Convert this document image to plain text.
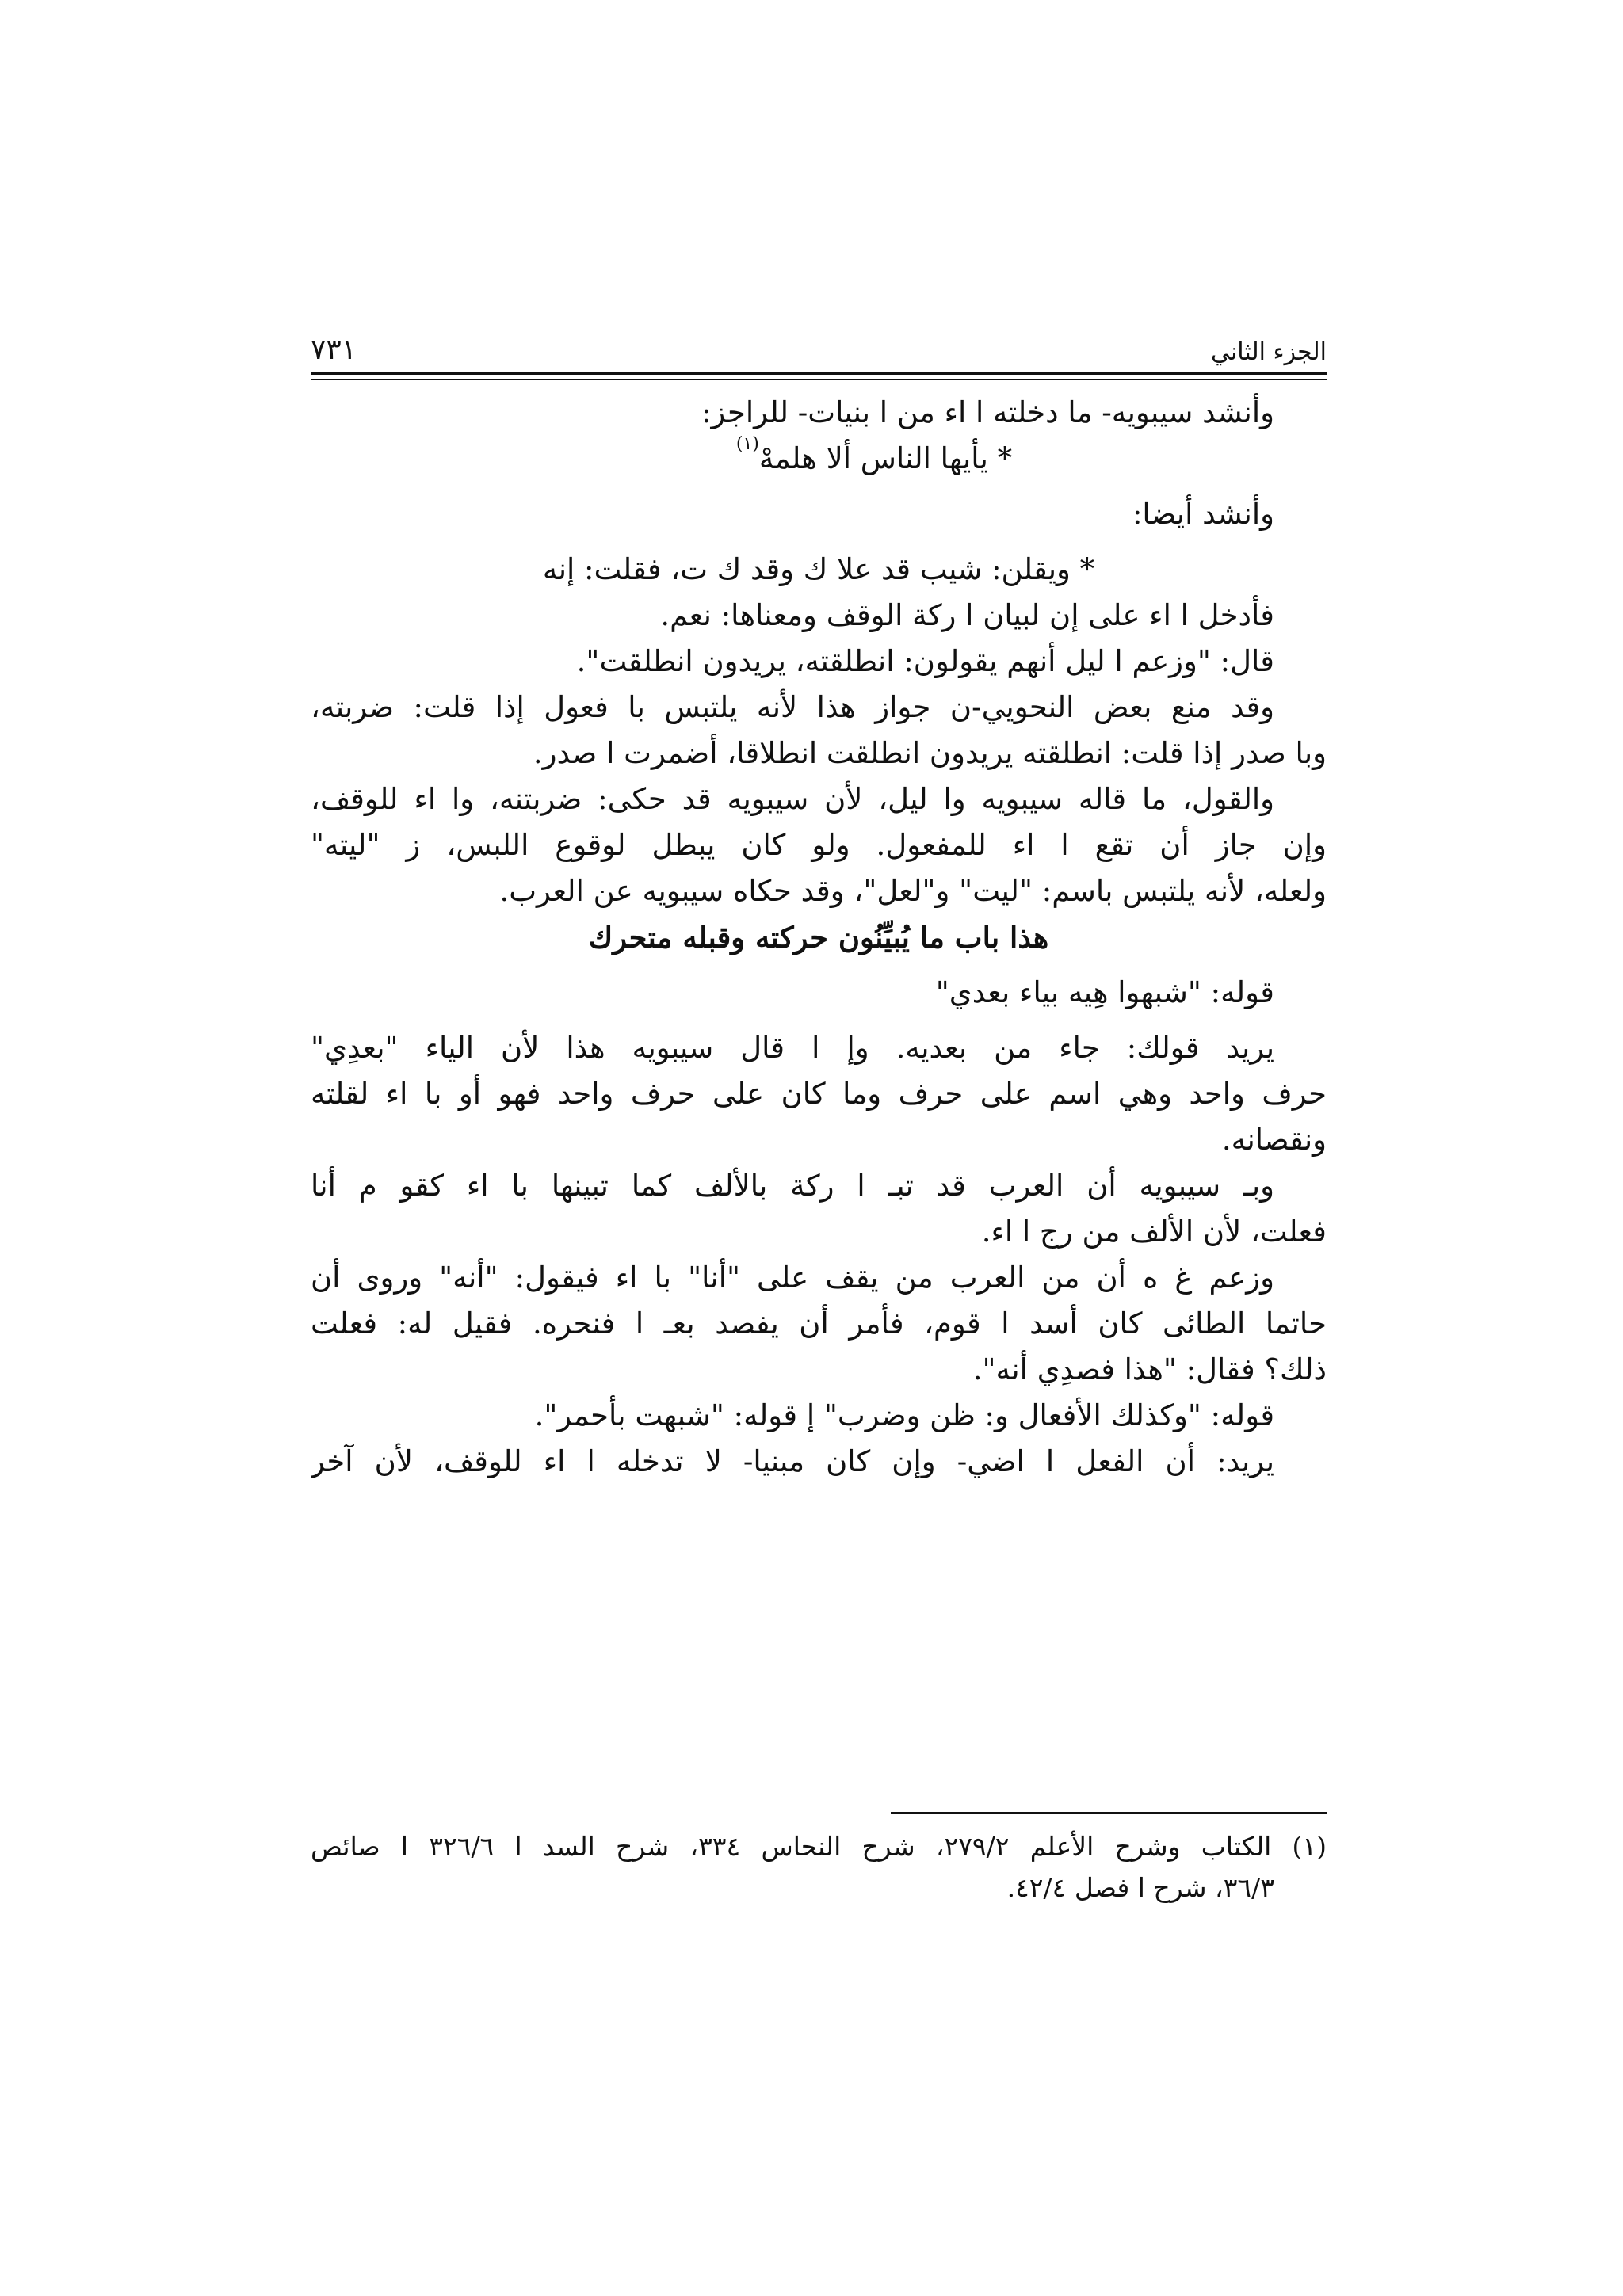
الجزء الثاني
٧٣١
وأنشد سيبويه- ما دخلته ا اء من ا بنيات- للراجز:
* يأيها الناس ألا هلمهْ$^{(١)}$
وأنشد أيضا:
* ويقلن: شيب قد علا ك وقد ك ت، فقلت: إنه
فأدخل ا اء على إن لبيان ا ركة الوقف ومعناها: نعم.
قال: "وزعم ا ليل أنهم يقولون: انطلقته، يريدون انطلقت".
وقد منع بعض النحويي-ن جواز هذا لأنه يلتبس با فعول إذا قلت: ضربته،
وبا صدر إذا قلت: انطلقته يريدون انطلقت انطلاقا، أضمرت ا صدر.
والقول، ما قاله سيبويه وا ليل، لأن سيبويه قد حكى: ضربتنه، وا اء للوقف،
وإن جاز أن تقع ا اء للمفعول. ولو كان يبطل لوقوع اللبس، ز "ليته"
ولعله، لأنه يلتبس باسم: "ليت" و"لعل"، وقد حكاه سيبويه عن العرب.
هذا باب ما يُبيِّنُون حركته وقبله متحرك
قوله: "شبهوا هِيه بياء بعدي"
يريد قولك: جاء من بعديه. وإ ا قال سيبويه هذا لأن الياء "بعدِي"
حرف واحد وهي اسم على حرف وما كان على حرف واحد فهو أو با اء لقلته
ونقصانه.
وبـ سيبويه أن العرب قد تبـ ا ركة بالألف كما تبينها با اء كقو م أنا
فعلت، لأن الألف من رج ا اء.
وزعم غ ه أن من العرب من يقف على "أنا" با اء فيقول: "أنه" وروى أن
حاتما الطائى كان أسد ا قوم، فأمر أن يفصد بعـ ا فنحره. فقيل له: فعلت
ذلك؟ فقال: "هذا فصدِي أنه".
قوله: "وكذلك الأفعال و: ظن وضرب" إ قوله: "شبهت بأحمر".
يريد: أن الفعل ا اضي- وإن كان مبنيا- لا تدخله ا اء للوقف، لأن آخر
(١) الكتاب وشرح الأعلم ٢٧٩/٢، شرح النحاس ٣٣٤، شرح السد ا ٣٢٦/٦ ا صائص
٣٦/٣، شرح ا فصل ٤٢/٤.
